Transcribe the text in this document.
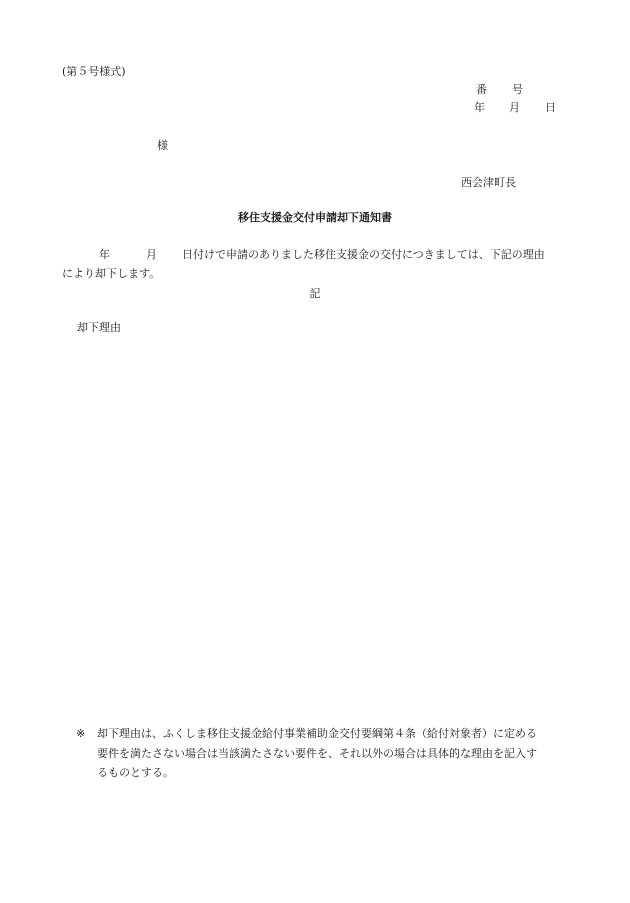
(第５号様式)
番 号
年 月 日
様
西会津町長
移住支援金交付申請却下通知書
年	月 日付けで申請のありました移住支援金の交付につきましては、下記の理由
により却下します。
記
却下理由
※ 却下理由は、ふくしま移住支援金給付事業補助金交付要綱第４条（給付対象者）に定める
要件を満たさない場合は当該満たさない要件を、それ以外の場合は具体的な理由を記入す
るものとする。
